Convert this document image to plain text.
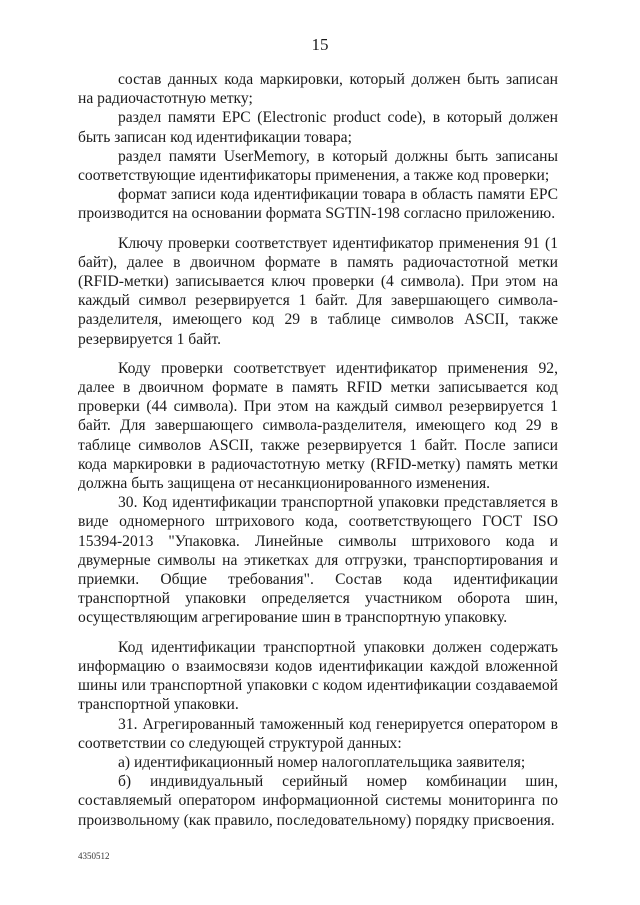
15

состав данных кода маркировки, который должен быть записан на радиочастотную метку;

раздел памяти EPC (Electronic product code), в который должен быть записан код идентификации товара;

раздел памяти UserMemory, в который должны быть записаны соответствующие идентификаторы применения, а также код проверки;

формат записи кода идентификации товара в область памяти EPC производится на основании формата SGTIN-198 согласно приложению.

Ключу проверки соответствует идентификатор применения 91 (1 байт), далее в двоичном формате в память радиочастотной метки (RFID-метки) записывается ключ проверки (4 символа). При этом на каждый символ резервируется 1 байт. Для завершающего символа-разделителя, имеющего код 29 в таблице символов ASCII, также резервируется 1 байт.

Коду проверки соответствует идентификатор применения 92, далее в двоичном формате в память RFID метки записывается код проверки (44 символа). При этом на каждый символ резервируется 1 байт. Для завершающего символа-разделителя, имеющего код 29 в таблице символов ASCII, также резервируется 1 байт. После записи кода маркировки в радиочастотную метку (RFID-метку) память метки должна быть защищена от несанкционированного изменения.

30. Код идентификации транспортной упаковки представляется в виде одномерного штрихового кода, соответствующего ГОСТ ISO 15394-2013 "Упаковка. Линейные символы штрихового кода и двумерные символы на этикетках для отгрузки, транспортирования и приемки. Общие требования". Состав кода идентификации транспортной упаковки определяется участником оборота шин, осуществляющим агрегирование шин в транспортную упаковку.

Код идентификации транспортной упаковки должен содержать информацию о взаимосвязи кодов идентификации каждой вложенной шины или транспортной упаковки с кодом идентификации создаваемой транспортной упаковки.

31. Агрегированный таможенный код генерируется оператором в соответствии со следующей структурой данных:

а) идентификационный номер налогоплательщика заявителя;

б) индивидуальный серийный номер комбинации шин, составляемый оператором информационной системы мониторинга по произвольному (как правило, последовательному) порядку присвоения.

4350512
